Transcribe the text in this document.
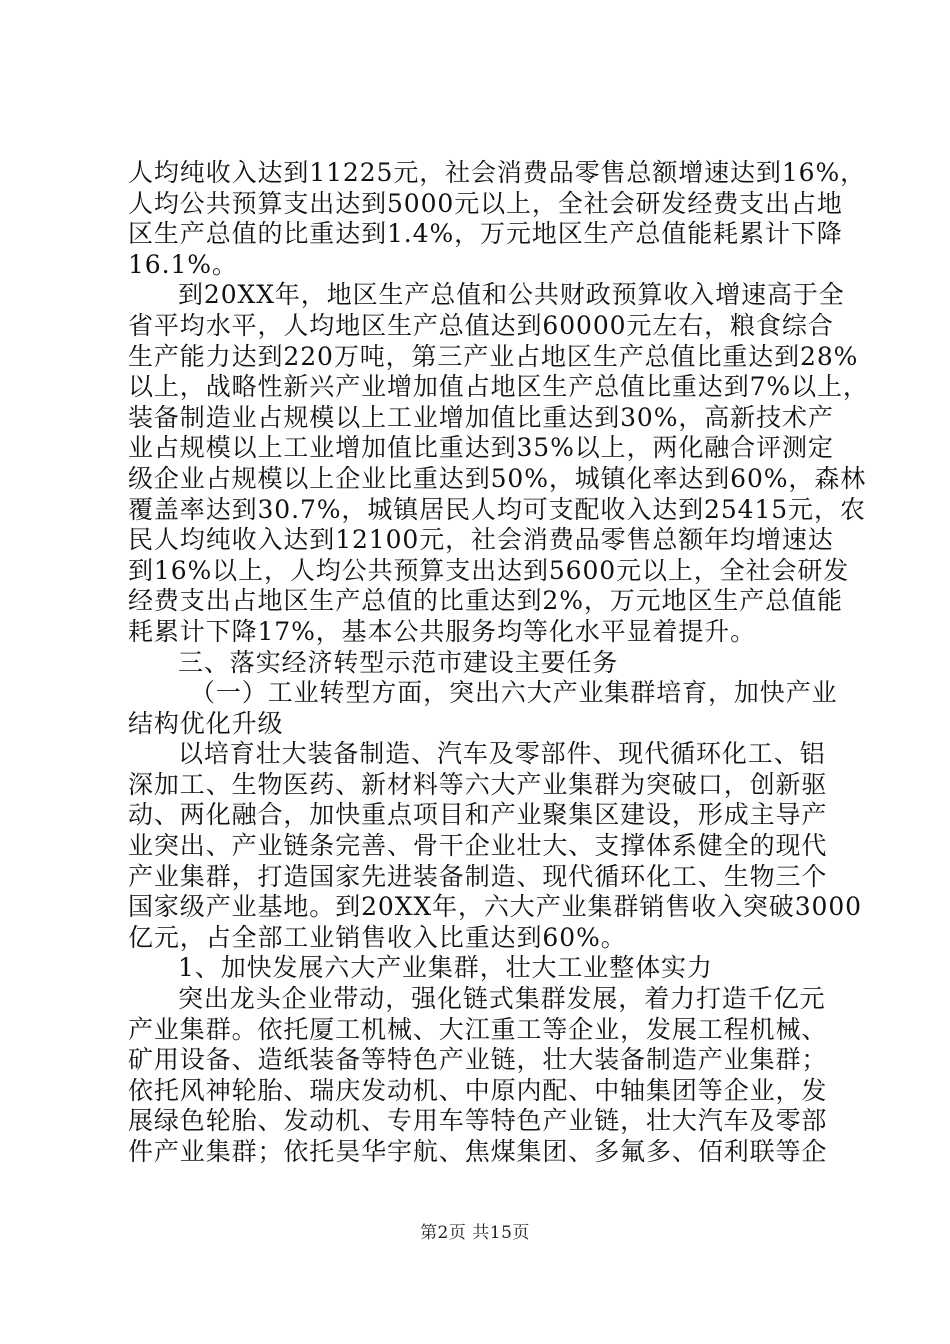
人均纯收入达到11225元，社会消费品零售总额增速达到16%，
人均公共预算支出达到5000元以上，全社会研发经费支出占地
区生产总值的比重达到1.4%，万元地区生产总值能耗累计下降
16.1%。
到20XX年，地区生产总值和公共财政预算收入增速高于全
省平均水平，人均地区生产总值达到60000元左右，粮食综合
生产能力达到220万吨，第三产业占地区生产总值比重达到28%
以上，战略性新兴产业增加值占地区生产总值比重达到7%以上，
装备制造业占规模以上工业增加值比重达到30%，高新技术产
业占规模以上工业增加值比重达到35%以上，两化融合评测定
级企业占规模以上企业比重达到50%，城镇化率达到60%，森林
覆盖率达到30.7%，城镇居民人均可支配收入达到25415元，农
民人均纯收入达到12100元，社会消费品零售总额年均增速达
到16%以上，人均公共预算支出达到5600元以上，全社会研发
经费支出占地区生产总值的比重达到2%，万元地区生产总值能
耗累计下降17%，基本公共服务均等化水平显着提升。
三、落实经济转型示范市建设主要任务
（一）工业转型方面，突出六大产业集群培育，加快产业
结构优化升级
以培育壮大装备制造、汽车及零部件、现代循环化工、铝
深加工、生物医药、新材料等六大产业集群为突破口，创新驱
动、两化融合，加快重点项目和产业聚集区建设，形成主导产
业突出、产业链条完善、骨干企业壮大、支撑体系健全的现代
产业集群，打造国家先进装备制造、现代循环化工、生物三个
国家级产业基地。到20XX年，六大产业集群销售收入突破3000
亿元，占全部工业销售收入比重达到60%。
1、加快发展六大产业集群，壮大工业整体实力
突出龙头企业带动，强化链式集群发展，着力打造千亿元
产业集群。依托厦工机械、大江重工等企业，发展工程机械、
矿用设备、造纸装备等特色产业链，壮大装备制造产业集群；
依托风神轮胎、瑞庆发动机、中原内配、中轴集团等企业，发
展绿色轮胎、发动机、专用车等特色产业链，壮大汽车及零部
件产业集群；依托昊华宇航、焦煤集团、多氟多、佰利联等企
第2页 共15页
